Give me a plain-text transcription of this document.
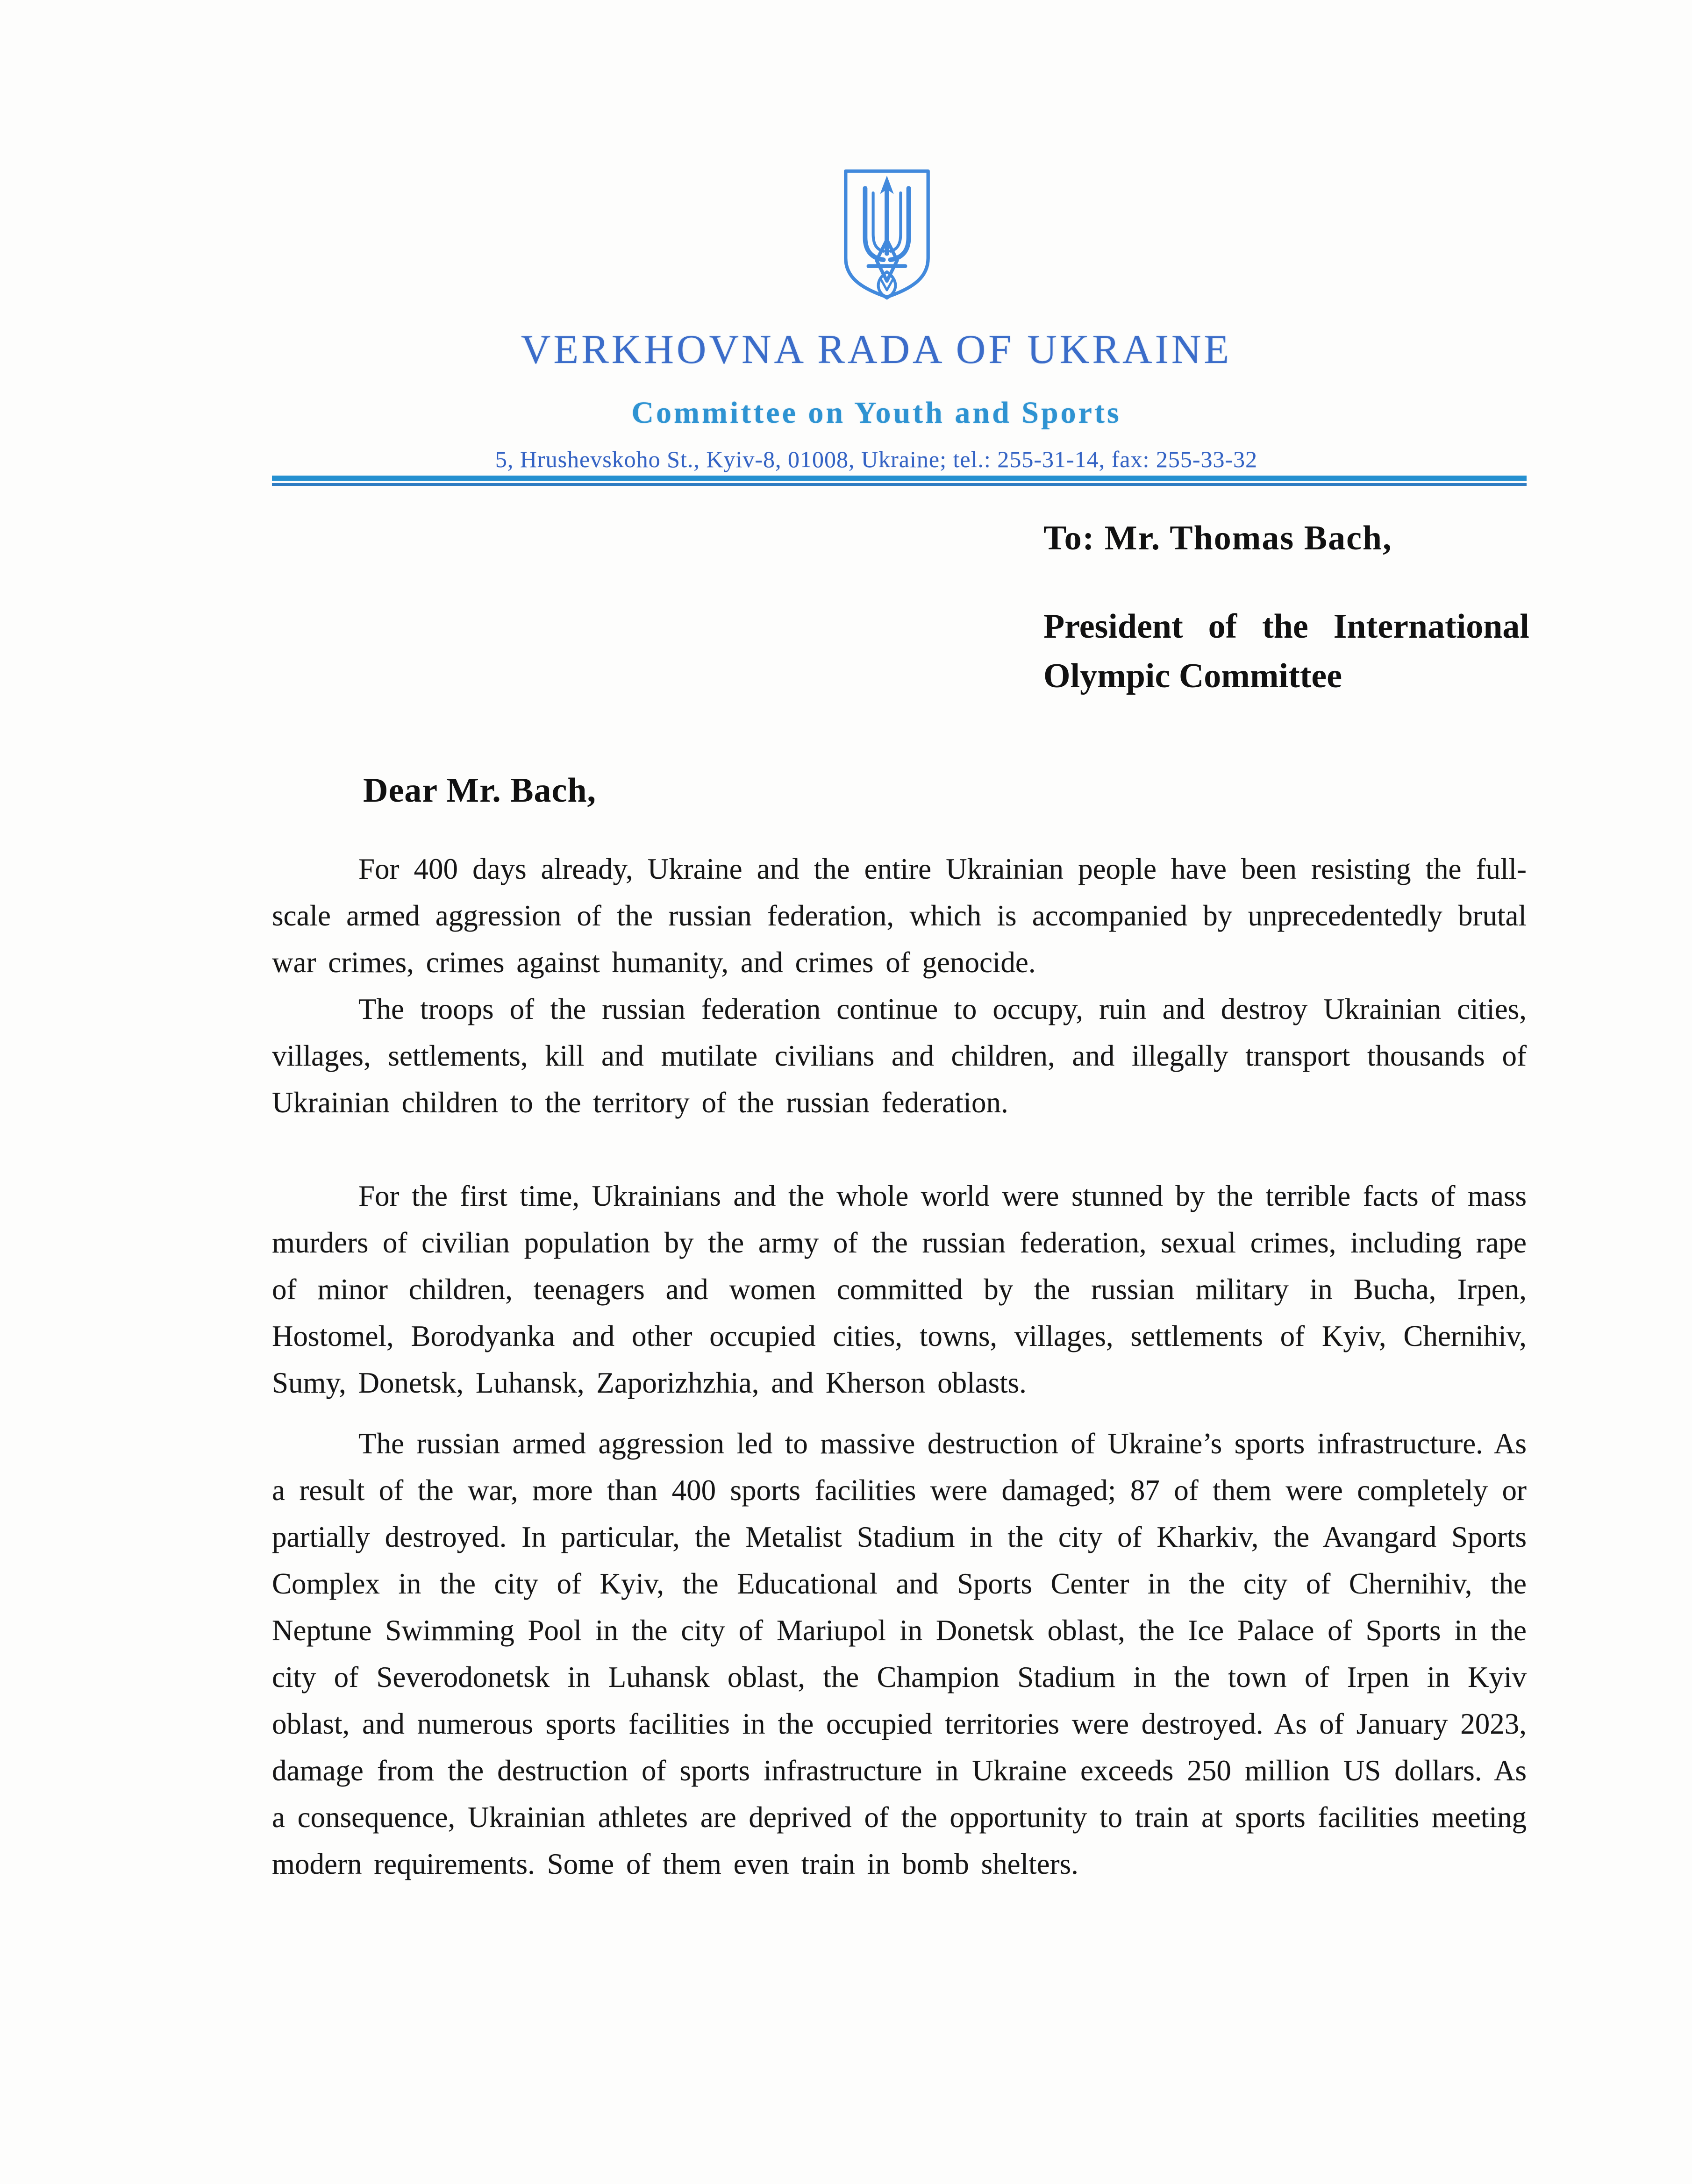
VERKHOVNA RADA OF UKRAINE
Committee on Youth and Sports
5, Hrushevskoho St., Kyiv-8, 01008, Ukraine; tel.: 255-31-14, fax: 255-33-32
To: Mr. Thomas Bach,
President of the International
Olympic Committee
Dear Mr. Bach,

For 400 days already, Ukraine and the entire Ukrainian people have been resisting the full-scale armed aggression of the russian federation, which is accompanied by unprecedentedly brutal war crimes, crimes against humanity, and crimes of genocide.

The troops of the russian federation continue to occupy, ruin and destroy Ukrainian cities, villages, settlements, kill and mutilate civilians and children, and illegally transport thousands of Ukrainian children to the territory of the russian federation.

For the first time, Ukrainians and the whole world were stunned by the terrible facts of mass murders of civilian population by the army of the russian federation, sexual crimes, including rape of minor children, teenagers and women committed by the russian military in Bucha, Irpen, Hostomel, Borodyanka and other occupied cities, towns, villages, settlements of Kyiv, Chernihiv, Sumy, Donetsk, Luhansk, Zaporizhzhia, and Kherson oblasts.

The russian armed aggression led to massive destruction of Ukraine’s sports infrastructure. As a result of the war, more than 400 sports facilities were damaged; 87 of them were completely or partially destroyed. In particular, the Metalist Stadium in the city of Kharkiv, the Avangard Sports Complex in the city of Kyiv, the Educational and Sports Center in the city of Chernihiv, the Neptune Swimming Pool in the city of Mariupol in Donetsk oblast, the Ice Palace of Sports in the city of Severodonetsk in Luhansk oblast, the Champion Stadium in the town of Irpen in Kyiv oblast, and numerous sports facilities in the occupied territories were destroyed. As of January 2023, damage from the destruction of sports infrastructure in Ukraine exceeds 250 million US dollars. As a consequence, Ukrainian athletes are deprived of the opportunity to train at sports facilities meeting modern requirements. Some of them even train in bomb shelters.
